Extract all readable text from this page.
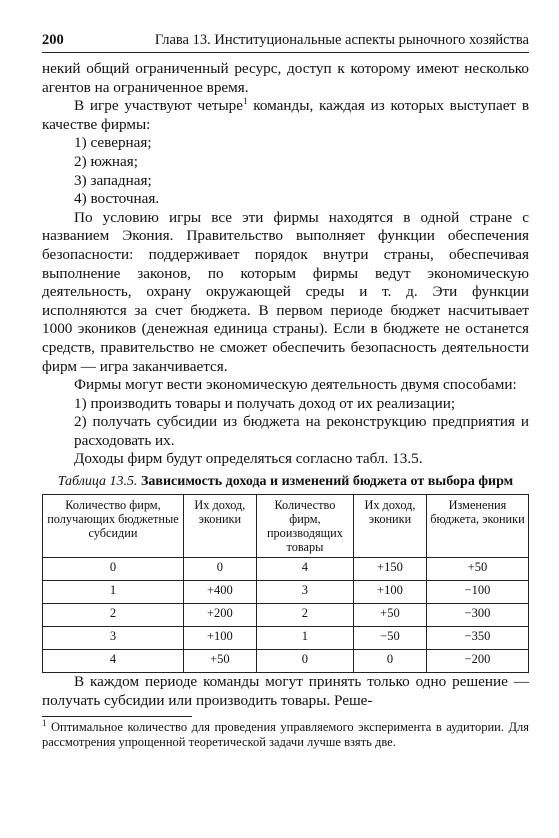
200	Глава 13. Институциональные аспекты рыночного хозяйства

некий общий ограниченный ресурс, доступ к которому имеют несколько агентов на ограниченное время.

В игре участвуют четыре$^1$ команды, каждая из которых выступает в качестве фирмы:

1) северная;

2) южная;

3) западная;

4) восточная.

По условию игры все эти фирмы находятся в одной стране с названием Экония. Правительство выполняет функции обеспечения безопасности: поддерживает порядок внутри страны, обеспечивая выполнение законов, по которым фирмы ведут экономическую деятельность, охрану окружающей среды и т. д. Эти функции исполняются за счет бюджета. В первом периоде бюджет насчитывает 1000 экоников (денежная единица страны). Если в бюджете не останется средств, правительство не сможет обеспечить безопасность деятельности фирм — игра заканчивается.

Фирмы могут вести экономическую деятельность двумя способами:

1) производить товары и получать доход от их реализации;

2) получать субсидии из бюджета на реконструкцию предприятия и расходовать их.

Доходы фирм будут определяться согласно табл. 13.5.

Таблица 13.5. Зависимость дохода и изменений бюджета от выбора фирм
Количество фирм, получающих бюджетные субсидии	Их доход, эконики	Количество фирм, производящих товары	Их доход, эконики	Изменения бюджета, эконики
0	0	4	+150	+50
1	+400	3	+100	−100
2	+200	2	+50	−300
3	+100	1	−50	−350
4	+50	0	0	−200

В каждом периоде команды могут принять только одно решение — получать субсидии или производить товары. Реше-

$^1$ Оптимальное количество для проведения управляемого эксперимента в аудитории. Для рассмотрения упрощенной теоретической задачи лучше взять две.
